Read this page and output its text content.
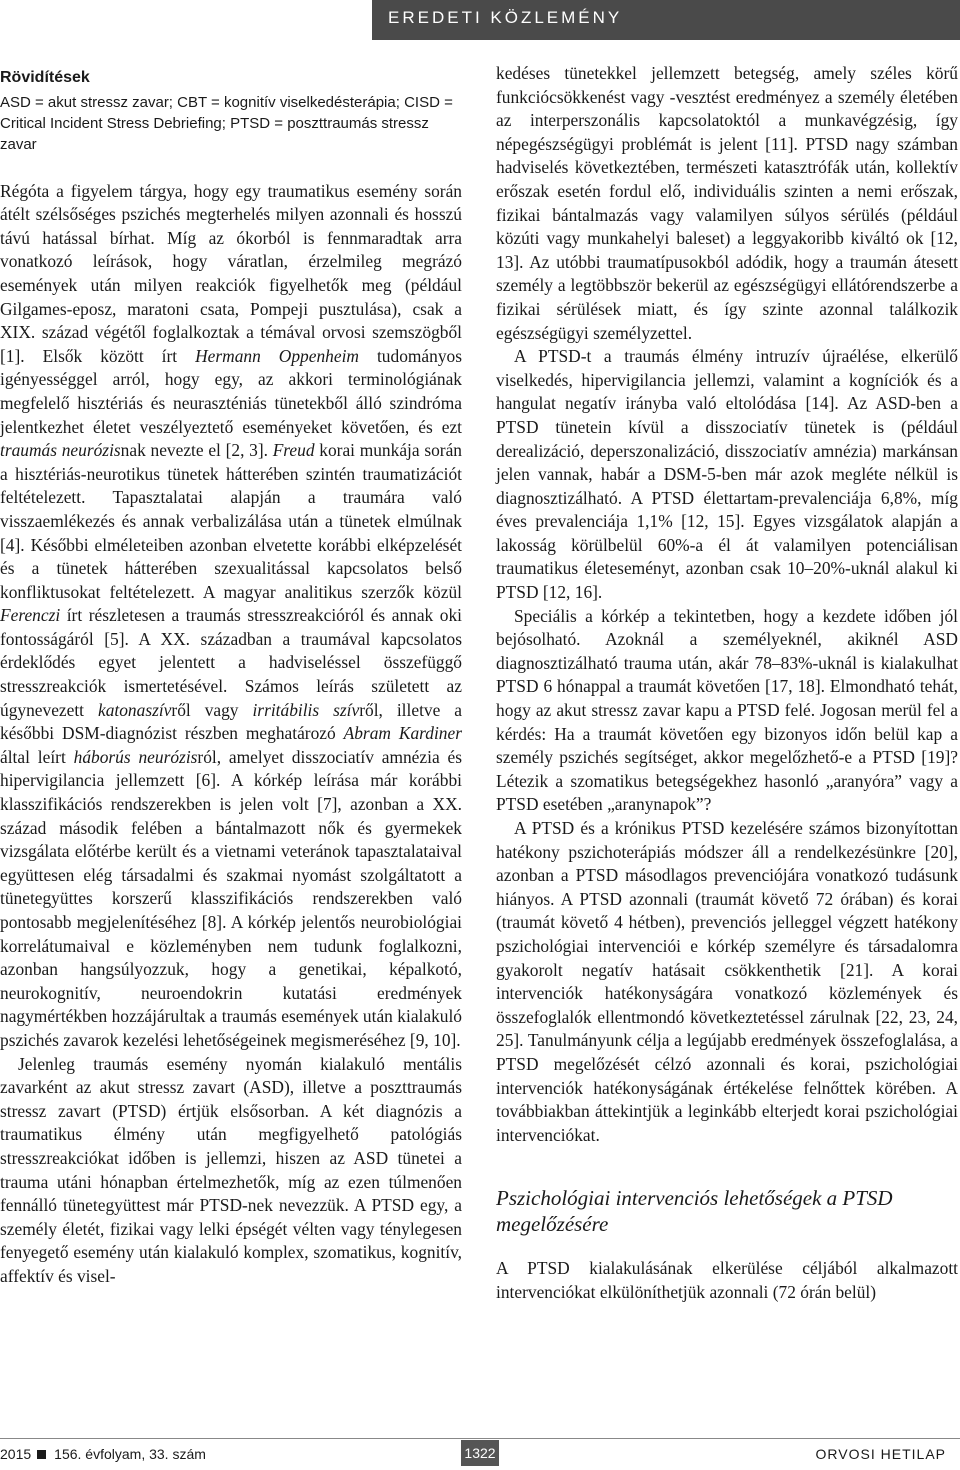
EREDETI KÖZLEMÉNY
Rövidítések
ASD = akut stressz zavar; CBT = kognitív viselkedésterápia; CISD = Critical Incident Stress Debriefing; PTSD = poszttraumás stressz zavar

Régóta a figyelem tárgya, hogy egy traumatikus esemény során átélt szélsőséges pszichés megterhelés milyen azonnali és hosszú távú hatással bírhat. Míg az ókorból is fennmaradtak arra vonatkozó leírások, hogy váratlan, érzelmileg megrázó események után milyen reakciók figyelhetők meg (például Gilgames-eposz, maratoni csata, Pompeji pusztulása), csak a XIX. század végétől foglalkoztak a témával orvosi szemszögből [1]. Elsők között írt Hermann Oppenheim tudományos igényességgel arról, hogy egy, az akkori terminológiának megfelelő hisztériás és neuraszténiás tünetekből álló szindróma jelentkezhet életet veszélyeztető eseményeket követően, és ezt traumás neurózisnak nevezte el [2, 3]. Freud korai munkája során a hisztériás-neurotikus tünetek hátterében szintén traumatizációt feltételezett. Tapasztalatai alapján a traumára való visszaemlékezés és annak verbalizálása után a tünetek elmúlnak [4]. Későbbi elméleteiben azonban elvetette korábbi elképzelését és a tünetek hátterében szexualitással kapcsolatos belső konfliktusokat feltételezett. A magyar analitikus szerzők közül Ferenczi írt részletesen a traumás stresszreakcióról és annak oki fontosságáról [5]. A XX. században a traumával kapcsolatos érdeklődés egyet jelentett a hadviseléssel összefüggő stresszreakciók ismertetésével. Számos leírás született az úgynevezett katonaszívről vagy irritábilis szívről, illetve a későbbi DSM-diagnózist részben meghatározó Abram Kardiner által leírt háborús neurózisról, amelyet disszociatív amnézia és hipervigilancia jellemzett [6]. A kórkép leírása már korábbi klasszifikációs rendszerekben is jelen volt [7], azonban a XX. század második felében a bántalmazott nők és gyermekek vizsgálata előtérbe került és a vietnami veteránok tapasztalataival együttesen elég társadalmi és szakmai nyomást szolgáltatott a tünetegyüttes korszerű klasszifikációs rendszerekben való pontosabb megjelenítéséhez [8]. A kórkép jelentős neurobiológiai korrelátumaival e közleményben nem tudunk foglalkozni, azonban hangsúlyozzuk, hogy a genetikai, képalkotó, neurokognitív, neuroendokrin kutatási eredmények nagymértékben hozzájárultak a traumás események után kialakuló pszichés zavarok kezelési lehetőségeinek megismeréséhez [9, 10].

Jelenleg traumás esemény nyomán kialakuló mentális zavarként az akut stressz zavart (ASD), illetve a poszttraumás stressz zavart (PTSD) értjük elsősorban. A két diagnózis a traumatikus élmény után megfigyelhető patológiás stresszreakciókat időben is jellemzi, hiszen az ASD tünetei a trauma utáni hónapban értelmezhetők, míg az ezen túlmenően fennálló tünetegyüttest már PTSD-nek nevezzük. A PTSD egy, a személy életét, fizikai vagy lelki épségét vélten vagy ténylegesen fenyegető esemény után kialakuló komplex, szomatikus, kognitív, affektív és visel-

kedéses tünetekkel jellemzett betegség, amely széles körű funkciócsökkenést vagy -vesztést eredményez a személy életében az interperszonális kapcsolatoktól a munkavégzésig, így népegészségügyi problémát is jelent [11]. PTSD nagy számban hadviselés következtében, természeti katasztrófák után, kollektív erőszak esetén fordul elő, individuális szinten a nemi erőszak, fizikai bántalmazás vagy valamilyen súlyos sérülés (például közúti vagy munkahelyi baleset) a leggyakoribb kiváltó ok [12, 13]. Az utóbbi traumatípusokból adódik, hogy a traumán átesett személy a legtöbbször bekerül az egészségügyi ellátórendszerbe a fizikai sérülések miatt, és így szinte azonnal találkozik egészségügyi személyzettel.

A PTSD-t a traumás élmény intruzív újraélése, elkerülő viselkedés, hipervigilancia jellemzi, valamint a kogníciók és a hangulat negatív irányba való eltolódása [14]. Az ASD-ben a PTSD tünetein kívül a disszociatív tünetek is (például derealizáció, deperszonalizáció, disszociatív amnézia) markánsan jelen vannak, habár a DSM-5-ben már azok megléte nélkül is diagnosztizálható. A PTSD élettartam-prevalenciája 6,8%, míg éves prevalenciája 1,1% [12, 15]. Egyes vizsgálatok alapján a lakosság körülbelül 60%-a él át valamilyen potenciálisan traumatikus életeseményt, azonban csak 10–20%-uknál alakul ki PTSD [12, 16].

Speciális a kórkép a tekintetben, hogy a kezdete időben jól bejósolható. Azoknál a személyeknél, akiknél ASD diagnosztizálható trauma után, akár 78–83%-uknál is kialakulhat PTSD 6 hónappal a traumát követően [17, 18]. Elmondható tehát, hogy az akut stressz zavar kapu a PTSD felé. Jogosan merül fel a kérdés: Ha a traumát követően egy bizonyos időn belül kap a személy pszichés segítséget, akkor megelőzhető-e a PTSD [19]? Létezik a szomatikus betegségekhez hasonló „aranyóra” vagy a PTSD esetében „aranynapok”?

A PTSD és a krónikus PTSD kezelésére számos bizonyítottan hatékony pszichoterápiás módszer áll a rendelkezésünkre [20], azonban a PTSD másodlagos prevenciójára vonatkozó tudásunk hiányos. A PTSD azonnali (traumát követő 72 órában) és korai (traumát követő 4 hétben), prevenciós jelleggel végzett hatékony pszichológiai intervenciói e kórkép személyre és társadalomra gyakorolt negatív hatásait csökkenthetik [21]. A korai intervenciók hatékonyságára vonatkozó közlemények és összefoglalók ellentmondó következtetéssel zárulnak [22, 23, 24, 25]. Tanulmányunk célja a legújabb eredmények összefoglalása, a PTSD megelőzését célzó azonnali és korai, pszichológiai intervenciók hatékonyságának értékelése felnőttek körében. A továbbiakban áttekintjük a leginkább elterjedt korai pszichológiai intervenciókat.

Pszichológiai intervenciós lehetőségek a PTSD megelőzésére

A PTSD kialakulásának elkerülése céljából alkalmazott intervenciókat elkülöníthetjük azonnali (72 órán belül)

2015 156. évfolyam, 33. szám	1322	ORVOSI HETILAP
